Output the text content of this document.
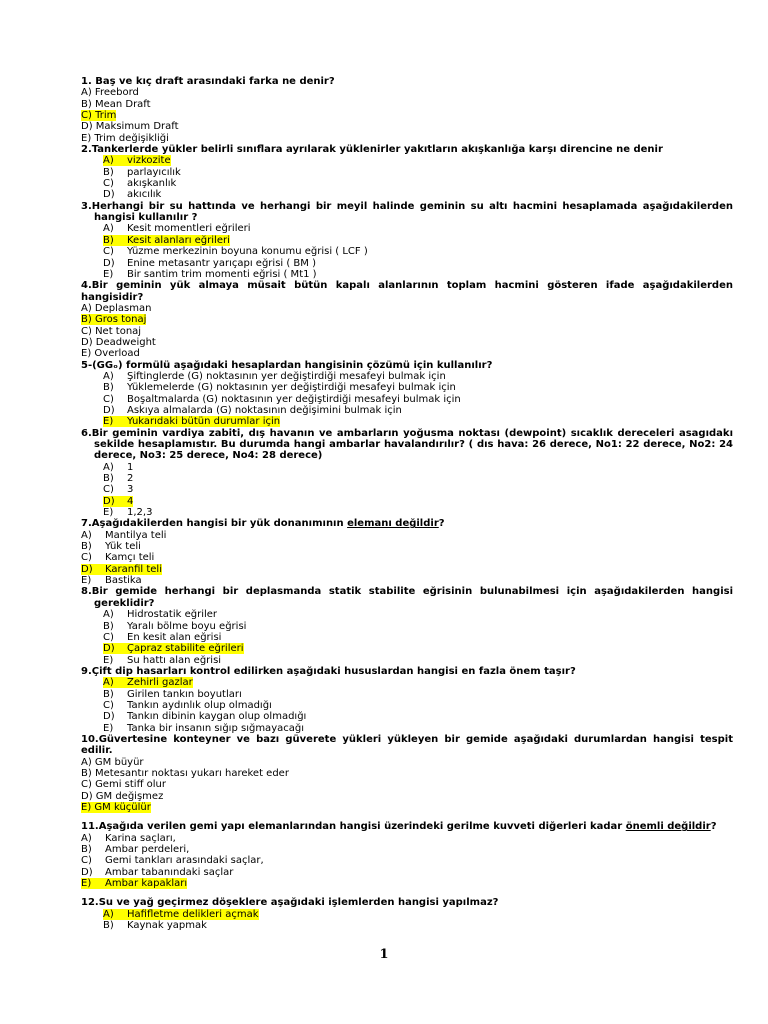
1. Baş ve kıç draft arasındaki farka ne denir?
A) Freebord
B) Mean Draft
C) Trim
D) Maksimum Draft
E) Trim değişikliği
2.Tankerlerde yükler belirli sınıflara ayrılarak yüklenirler yakıtların akışkanlığa karşı direncine ne denir
A) vizkozite
B) parlayıcılık
C) akışkanlık
D) akıcılık
3.Herhangi bir su hattında ve herhangi bir meyil halinde geminin su altı hacmini hesaplamada aşağıdakilerden hangisi kullanılır ?
A) Kesit momentleri eğrileri
B) Kesit alanları eğrileri
C) Yüzme merkezinin boyuna konumu eğrisi ( LCF )
D) Enine metasantr yarıçapı eğrisi ( BM )
E) Bir santim trim momenti eğrisi ( Mt1 )
4.Bir geminin yük almaya müsait bütün kapalı alanlarının toplam hacmini gösteren ifade aşağıdakilerden hangisidir?
A) Deplasman
B) Gros tonaj
C) Net tonaj
D) Deadweight
E) Overload
5-(GGₒ) formülü aşağıdaki hesaplardan hangisinin çözümü için kullanılır?
A) Şiftinglerde (G) noktasının yer değiştirdiği mesafeyi bulmak için
B) Yüklemelerde (G) noktasının yer değiştirdiği mesafeyi bulmak için
C) Boşaltmalarda (G) noktasının yer değiştirdiği mesafeyi bulmak için
D) Askıya almalarda (G) noktasının değişimini bulmak için
E) Yukarıdaki bütün durumlar için
6.Bir geminin vardiya zabiti, dış havanın ve ambarların yoğusma noktası (dewpoint) sıcaklık dereceleri asagıdakı sekilde hesaplamıstır. Bu durumda hangi ambarlar havalandırılır? ( dıs hava: 26 derece, No1: 22 derece, No2: 24 derece, No3: 25 derece, No4: 28 derece)
A) 1
B) 2
C) 3
D) 4
E) 1,2,3
7.Aşağıdakilerden hangisi bir yük donanımının elemanı değildir?
A) Mantilya teli
B) Yük teli
C) Kamçı teli
D) Karanfil teli
E) Bastika
8.Bir gemide herhangi bir deplasmanda statik stabilite eğrisinin bulunabilmesi için aşağıdakilerden hangisi gereklidir?
A) Hidrostatik eğriler
B) Yaralı bölme boyu eğrisi
C) En kesit alan eğrisi
D) Çapraz stabilite eğrileri
E) Su hattı alan eğrisi
9.Çift dip hasarları kontrol edilirken aşağıdaki hususlardan hangisi en fazla önem taşır?
A) Zehirli gazlar
B) Girilen tankın boyutları
C) Tankın aydınlık olup olmadığı
D) Tankın dibinin kaygan olup olmadığı
E) Tanka bir insanın sığıp sığmayacağı
10.Güvertesine konteyner ve bazı güverete yükleri yükleyen bir gemide aşağıdaki durumlardan hangisi tespit edilir.
A) GM büyür
B) Metesantır noktası yukarı hareket eder
C) Gemi stiff olur
D) GM değişmez
E) GM küçülür
11.Aşağıda verilen gemi yapı elemanlarından hangisi üzerindeki gerilme kuvveti diğerleri kadar önemli değildir?
A) Karina saçları,
B) Ambar perdeleri,
C) Gemi tankları arasındaki saçlar,
D) Ambar tabanındaki saçlar
E) Ambar kapakları
12.Su ve yağ geçirmez döşeklere aşağıdaki işlemlerden hangisi yapılmaz?
A) Hafifletme delikleri açmak
B) Kaynak yapmak
1
